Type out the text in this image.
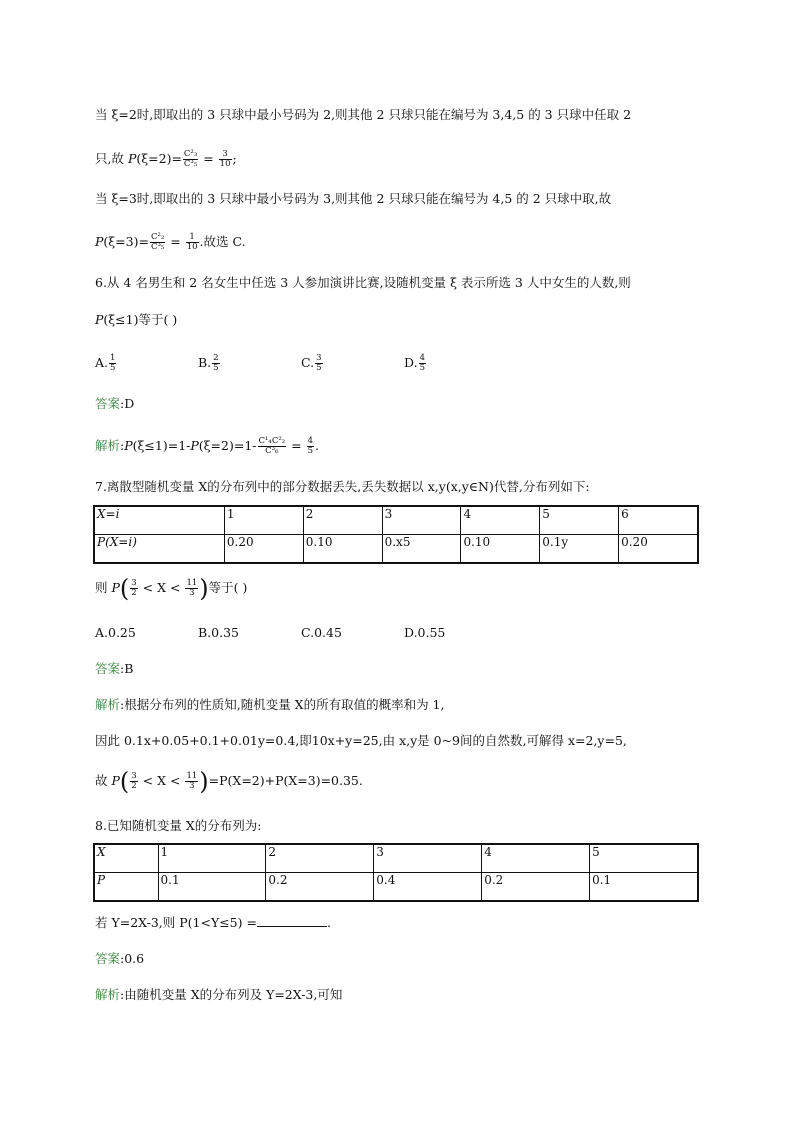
当 ξ=2时,即取出的 3 只球中最小号码为 2,则其他 2 只球只能在编号为 3,4,5 的 3 只球中任取 2
只,故 $P(\xi=2)= \frac{\text{C²₃}}{\text{C³₅}} = \frac{3}{10}$ ;
当 ξ=3时,即取出的 3 只球中最小号码为 3,则其他 2 只球只能在编号为 4,5 的 2 只球中取,故
$P(\xi=3)= \frac{\text{C²₂}}{\text{C³₅}} = \frac{1}{10}$ .故选 C.
6.从 4 名男生和 2 名女生中任选 3 人参加演讲比赛,设随机变量 ξ 表示所选 3 人中女生的人数,则
P(ξ≤1)等于( )
A. $\frac{1}{5}$	B. $\frac{2}{5}$	C. $\frac{3}{5}$	D. $\frac{4}{5}$
答案:D
解析:P(ξ≤1)=1-P(ξ=2)=1- $\frac{\text{C¹₄C²₂}}{\text{C³₆}} = \frac{4}{5}$ .
7.离散型随机变量 X的分布列中的部分数据丢失,丢失数据以 x,y(x,y∈N)代替,分布列如下:
X=i	1	2	3	4	5	6
P(X=i)	0.20	0.10	0.x5	0.10	0.1y	0.20
则 $P( \frac{3}{2} < X < \frac{11}{3}$ )等于( )
A.0.25	B.0.35	C.0.45	D.0.55
答案:B
解析:根据分布列的性质知,随机变量 X的所有取值的概率和为 1,
因此 0.1x+0.05+0.1+0.01y=0.4,即10x+y=25,由 x,y是 0~9间的自然数,可解得 x=2,y=5,
故 $P( \frac{3}{2} < X < \frac{11}{3} )=P(X=2)+P(X=3)=0.35$.
8.已知随机变量 X的分布列为:
X	1	2	3	4	5
P	0.1	0.2	0.4	0.2	0.1
若 Y=2X-3,则 P(1<Y≤5) =	.
答案:0.6
解析:由随机变量 X的分布列及 Y=2X-3,可知
